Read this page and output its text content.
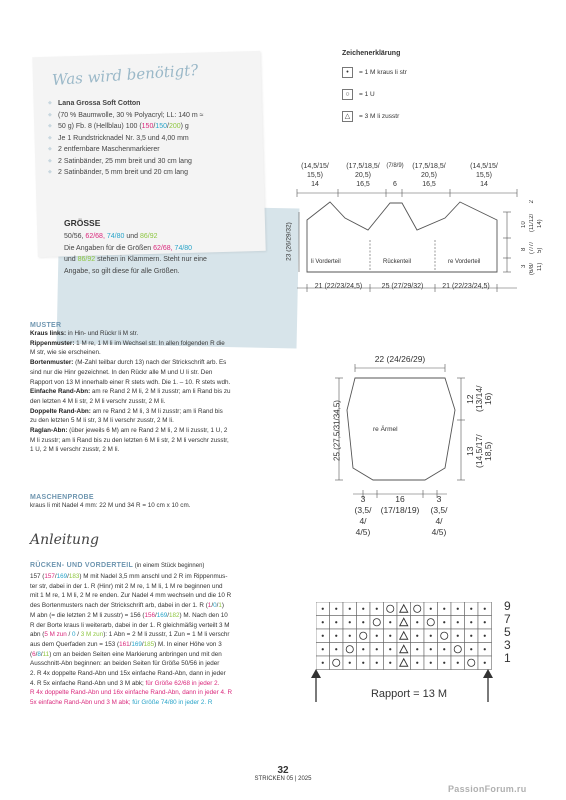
Was wird benötigt?
◆ Lana Grossa Soft Cotton
◆ (70 % Baumwolle, 30 % Polyacryl; LL: 140 m ≈
◆ 50 g) Fb. 8 (Hellblau) 100 (150/150/200) g
◆ Je 1 Rundstricknadel Nr. 3,5 und 4,00 mm
◆ 2 entfernbare Maschenmarkierer
◆ 2 Satinbänder, 25 mm breit und 30 cm lang
◆ 2 Satinbänder, 5 mm breit und 20 cm lang
GRÖSSE
50/56, 62/68, 74/80 und 86/92
Die Angaben für die Größen 62/68, 74/80
und 86/92 stehen in Klammern. Steht nur eine
Angabe, so gilt diese für alle Größen.
Zeichenerklärung
•	= 1 M kraus li str
○	= 1 U
△	= 3 M li zusstr
(14,5/15/
15,5)
14
(17,5/18,5/
20,5)
16,5
(7/8/9)
6
(17,5/18,5/
20,5)
16,5
(14,5/15/
15,5)
14
23 (26/29/32)
li Vorderteil	Rückenteil	re Vorderteil
21 (22/23/24,5)	25 (27/29/32)	21 (22/23/24,5)
10 (11/12/
2
14)
8 (7/7/ 5)
3 (6/8/ 11)
MUSTER
Kraus links: in Hin- und Rückr li M str.
Rippenmuster: 1 M re, 1 M li im Wechsel str. In allen folgenden R die
M str, wie sie erscheinen.
Bortenmuster: (M-Zahl teilbar durch 13) nach der Strickschrift arb. Es
sind nur die Hinr gezeichnet. In den Rückr alle M und U li str. Den
Rapport von 13 M innerhalb einer R stets wdh. Die 1. – 10. R stets wdh.
Einfache Rand-Abn: am re Rand 2 M li, 2 M li zusstr; am li Rand bis zu
den letzten 4 M li str, 2 M li verschr zusstr, 2 M li.
Doppelte Rand-Abn: am re Rand 2 M li, 3 M li zusstr; am li Rand bis
zu den letzten 5 M li str, 3 M li verschr zusstr, 2 M li.
Raglan-Abn: (über jeweils 6 M) am re Rand 2 M li, 2 M li zusstr, 1 U, 2
M li zusstr; am li Rand bis zu den letzten 6 M li str, 2 M li verschr zusstr,
1 U, 2 M li verschr zusstr, 2 M li.
MASCHENPROBE
kraus li mit Nadel 4 mm: 22 M und 34 R = 10 cm x 10 cm.
Anleitung
RÜCKEN- UND VORDERTEIL (in einem Stück beginnen)
157 (157/169/183) M mit Nadel 3,5 mm anschl und 2 R im Rippenmus-
ter str, dabei in der 1. R (Hinr) mit 2 M re, 1 M li, 1 M re beginnen und
mit 1 M re, 1 M li, 2 M re enden. Zur Nadel 4 mm wechseln und die 10 R
des Bortenmusters nach der Strickschrift arb, dabei in der 1. R (1/0/1)
M abn (= die letzten 2 M li zusstr) = 156 (156/169/182) M. Nach den 10
R der Borte kraus li weiterarb, dabei in der 1. R gleichmäßig verteilt 3 M
abn (5 M zun / 0 / 3 M zun): 1 Abn = 2 M li zusstr, 1 Zun = 1 M li verschr
aus dem Querfaden zun = 153 (161/169/185) M. In einer Höhe von 3
(6/8/11) cm an beiden Seiten eine Markierung anbringen und mit den
Ausschnitt-Abn beginnen: an beiden Seiten für Größe 50/56 in jeder
2. R 4x doppelte Rand-Abn und 15x einfache Rand-Abn, dann in jeder
4. R 5x einfache Rand-Abn und 3 M abk; für Größe 62/68 in jeder 2.
R 4x doppelte Rand-Abn und 16x einfache Rand-Abn, dann in jeder 4. R
5x einfache Rand-Abn und 3 M abk; für Größe 74/80 in jeder 2. R
22 (24/26/29)
25 (27,5/31/34,5)	re Ärmel
12 (13/14/ 16)
13 (14,5/17/ 18,5)
3
(3,5/
4/
4/5)
16
(17/18/19)
3
(3,5/
4/
4/5)
9
7
5
3
1
Rapport = 13 M
32
STRICKEN 05 | 2025
PassionForum.ru
